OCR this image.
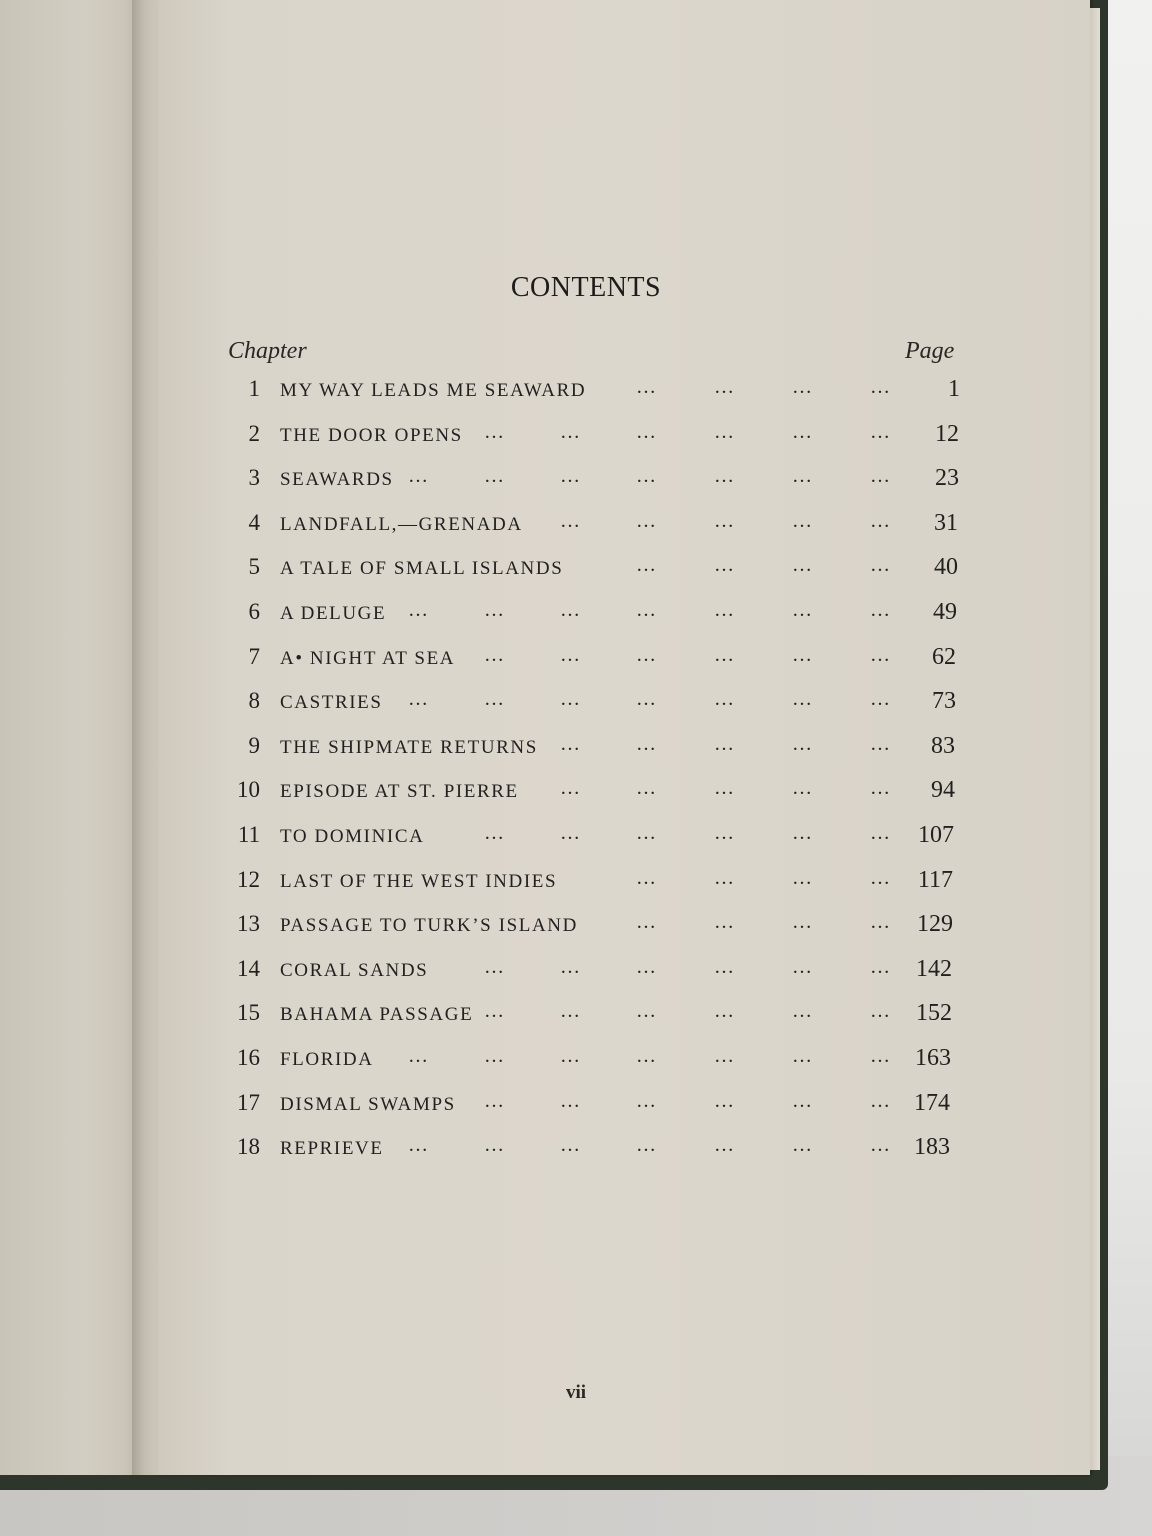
CONTENTS
Chapter	Page
1 MY WAY LEADS ME SEAWARD …	…	…	… 1
2 THE DOOR OPENS …	…	…	…	…	… 12
3 SEAWARDS …	…	…	…	…	…	… 23
4 LANDFALL,—GRENADA …	…	…	…	… 31
5 A TALE OF SMALL ISLANDS	…	…	…	… 40
6 A DELUGE …	…	…	…	…	…	… 49
7 A• NIGHT AT SEA …	…	…	…	…	… 62
8 CASTRIES …	…	…	…	…	…	… 73
9 THE SHIPMATE RETURNS …	…	…	…	… 83
10 EPISODE AT ST. PIERRE …	…	…	…	… 94
11 TO DOMINICA	…	…	…	…	…	… 107
12 LAST OF THE WEST INDIES	…	…	…	… 117
13 PASSAGE TO TURK’S ISLAND	…	…	…	… 129
14 CORAL SANDS	…	…	…	…	…	… 142
15 BAHAMA PASSAGE …	…	…	…	…	… 152
16 FLORIDA …	…	…	…	…	…	… 163
17 DISMAL SWAMPS …	…	…	…	…	… 174
18 REPRIEVE …	…	…	…	…	…	… 183
vii
